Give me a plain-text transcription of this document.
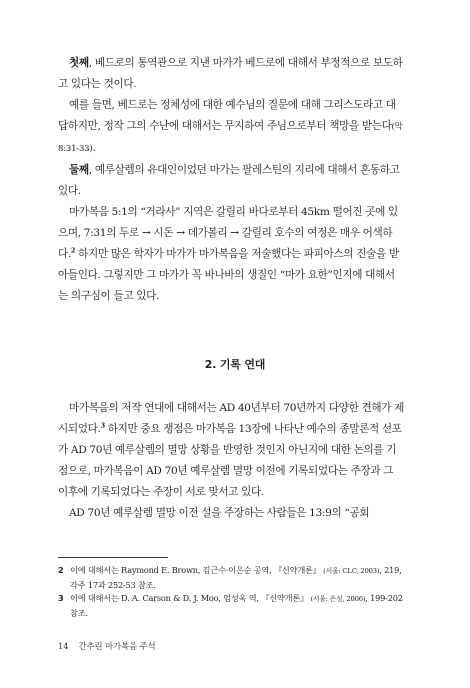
첫째, 베드로의 통역관으로 지낸 마가가 베드로에 대해서 부정적으로 보도하고 있다는 것이다.

예를 들면, 베드로는 정체성에 대한 예수님의 질문에 대해 그리스도라고 대답하지만, 정작 그의 수난에 대해서는 무지하여 주님으로부터 책망을 받는다(막 8:31-33).

둘째, 예루살렘의 유대인이었던 마가는 팔레스틴의 지리에 대해서 혼동하고 있다.

마가복음 5:1의 “거라사” 지역은 갈릴리 바다로부터 45km 떨어진 곳에 있으며, 7:31의 두로 → 시돈 → 데가볼리 → 갈릴리 호수의 여정은 매우 어색하다.$^2$ 하지만 많은 학자가 마가가 마가복음을 저술했다는 파피아스의 진술을 받아들인다. 그렇지만 그 마가가 꼭 바나바의 생질인 “마가 요한”인지에 대해서는 의구심이 들고 있다.

2. 기록 연대

마가복음의 저작 연대에 대해서는 AD 40년부터 70년까지 다양한 견해가 제시되었다.$^3$ 하지만 중요 쟁점은 마가복음 13장에 나타난 예수의 종말론적 선포가 AD 70년 예루살렘의 멸망 상황을 반영한 것인지 아닌지에 대한 논의를 기점으로, 마가복음이 AD 70년 예루살렘 멸망 이전에 기록되었다는 주장과 그 이후에 기록되었다는 주장이 서로 맞서고 있다.

AD 70년 예루살렘 멸망 이전 설을 주장하는 사람들은 13:9의 “공회

2 이에 대해서는 Raymond E. Brown, 김근수·이은순 공역, 『신약개론』 (서울: CLC, 2003), 219, 각주 17과 252-53 참조.

3 이에 대해서는 D. A. Carson & D. J. Moo, 엄성옥 역, 『신약개론』 (서울: 은성, 2006), 199-202 참조.

14 간추린 마가복음 주석
